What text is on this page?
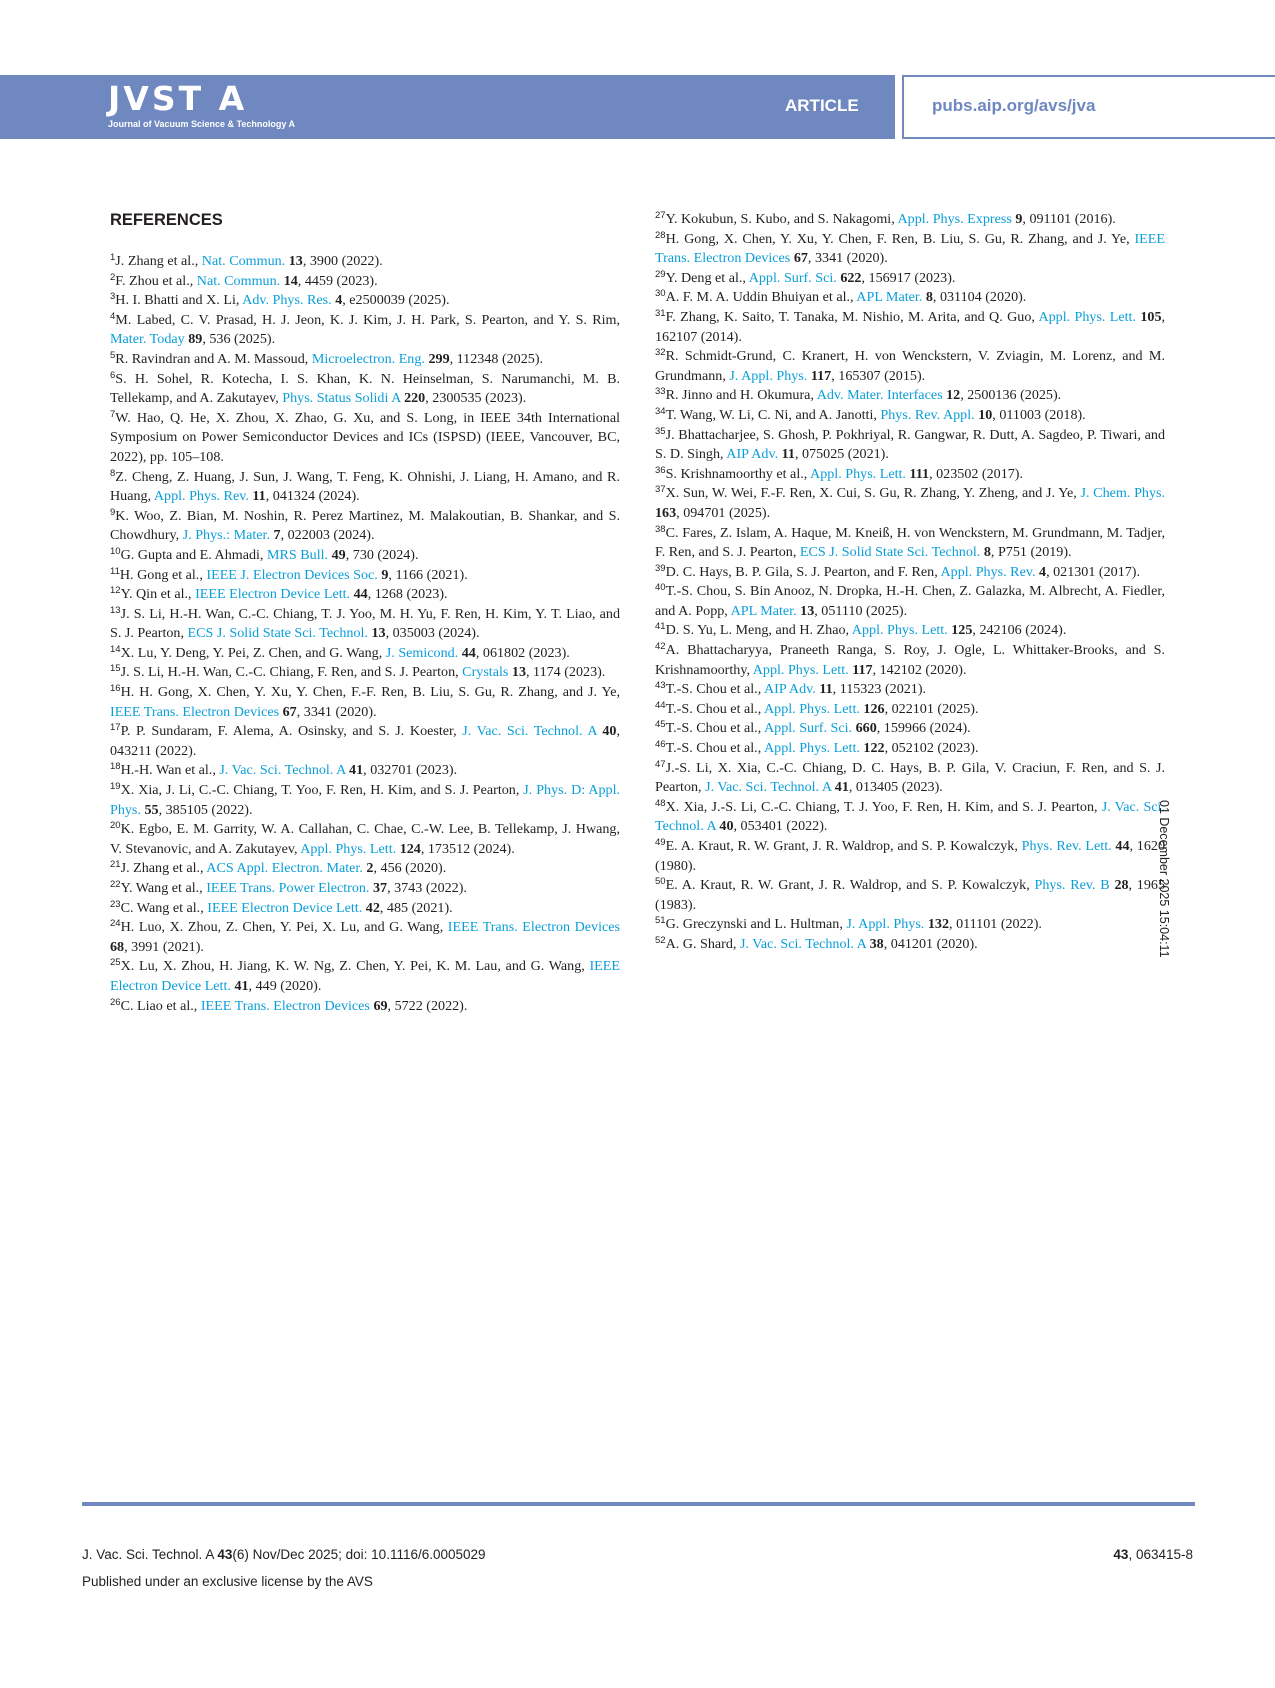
JVST A
Journal of Vacuum Science & Technology A
ARTICLE	pubs.aip.org/avs/jva
REFERENCES

$^1$J. Zhang et al., Nat. Commun. 13, 3900 (2022).

$^2$F. Zhou et al., Nat. Commun. 14, 4459 (2023).

$^3$H. I. Bhatti and X. Li, Adv. Phys. Res. 4, e2500039 (2025).

$^4$M. Labed, C. V. Prasad, H. J. Jeon, K. J. Kim, J. H. Park, S. Pearton, and Y. S. Rim, Mater. Today 89, 536 (2025).

$^5$R. Ravindran and A. M. Massoud, Microelectron. Eng. 299, 112348 (2025).

$^6$S. H. Sohel, R. Kotecha, I. S. Khan, K. N. Heinselman, S. Narumanchi, M. B. Tellekamp, and A. Zakutayev, Phys. Status Solidi A 220, 2300535 (2023).

$^7$W. Hao, Q. He, X. Zhou, X. Zhao, G. Xu, and S. Long, in IEEE 34th International Symposium on Power Semiconductor Devices and ICs (ISPSD) (IEEE, Vancouver, BC, 2022), pp. 105–108.

$^8$Z. Cheng, Z. Huang, J. Sun, J. Wang, T. Feng, K. Ohnishi, J. Liang, H. Amano, and R. Huang, Appl. Phys. Rev. 11, 041324 (2024).

$^9$K. Woo, Z. Bian, M. Noshin, R. Perez Martinez, M. Malakoutian, B. Shankar, and S. Chowdhury, J. Phys.: Mater. 7, 022003 (2024).

$^{10}$G. Gupta and E. Ahmadi, MRS Bull. 49, 730 (2024).

$^{11}$H. Gong et al., IEEE J. Electron Devices Soc. 9, 1166 (2021).

$^{12}$Y. Qin et al., IEEE Electron Device Lett. 44, 1268 (2023).

$^{13}$J. S. Li, H.-H. Wan, C.-C. Chiang, T. J. Yoo, M. H. Yu, F. Ren, H. Kim, Y. T. Liao, and S. J. Pearton, ECS J. Solid State Sci. Technol. 13, 035003 (2024).

$^{14}$X. Lu, Y. Deng, Y. Pei, Z. Chen, and G. Wang, J. Semicond. 44, 061802 (2023).

$^{15}$J. S. Li, H.-H. Wan, C.-C. Chiang, F. Ren, and S. J. Pearton, Crystals 13, 1174 (2023).

$^{16}$H. H. Gong, X. Chen, Y. Xu, Y. Chen, F.-F. Ren, B. Liu, S. Gu, R. Zhang, and J. Ye, IEEE Trans. Electron Devices 67, 3341 (2020).

$^{17}$P. P. Sundaram, F. Alema, A. Osinsky, and S. J. Koester, J. Vac. Sci. Technol. A 40, 043211 (2022).

$^{18}$H.-H. Wan et al., J. Vac. Sci. Technol. A 41, 032701 (2023).

$^{19}$X. Xia, J. Li, C.-C. Chiang, T. Yoo, F. Ren, H. Kim, and S. J. Pearton, J. Phys. D: Appl. Phys. 55, 385105 (2022).

$^{20}$K. Egbo, E. M. Garrity, W. A. Callahan, C. Chae, C.-W. Lee, B. Tellekamp, J. Hwang, V. Stevanovic, and A. Zakutayev, Appl. Phys. Lett. 124, 173512 (2024).

$^{21}$J. Zhang et al., ACS Appl. Electron. Mater. 2, 456 (2020).

$^{22}$Y. Wang et al., IEEE Trans. Power Electron. 37, 3743 (2022).

$^{23}$C. Wang et al., IEEE Electron Device Lett. 42, 485 (2021).

$^{24}$H. Luo, X. Zhou, Z. Chen, Y. Pei, X. Lu, and G. Wang, IEEE Trans. Electron Devices 68, 3991 (2021).

$^{25}$X. Lu, X. Zhou, H. Jiang, K. W. Ng, Z. Chen, Y. Pei, K. M. Lau, and G. Wang, IEEE Electron Device Lett. 41, 449 (2020).

$^{26}$C. Liao et al., IEEE Trans. Electron Devices 69, 5722 (2022).

$^{27}$Y. Kokubun, S. Kubo, and S. Nakagomi, Appl. Phys. Express 9, 091101 (2016).

$^{28}$H. Gong, X. Chen, Y. Xu, Y. Chen, F. Ren, B. Liu, S. Gu, R. Zhang, and J. Ye, IEEE Trans. Electron Devices 67, 3341 (2020).

$^{29}$Y. Deng et al., Appl. Surf. Sci. 622, 156917 (2023).

$^{30}$A. F. M. A. Uddin Bhuiyan et al., APL Mater. 8, 031104 (2020).

$^{31}$F. Zhang, K. Saito, T. Tanaka, M. Nishio, M. Arita, and Q. Guo, Appl. Phys. Lett. 105, 162107 (2014).

$^{32}$R. Schmidt-Grund, C. Kranert, H. von Wenckstern, V. Zviagin, M. Lorenz, and M. Grundmann, J. Appl. Phys. 117, 165307 (2015).

$^{33}$R. Jinno and H. Okumura, Adv. Mater. Interfaces 12, 2500136 (2025).

$^{34}$T. Wang, W. Li, C. Ni, and A. Janotti, Phys. Rev. Appl. 10, 011003 (2018).

$^{35}$J. Bhattacharjee, S. Ghosh, P. Pokhriyal, R. Gangwar, R. Dutt, A. Sagdeo, P. Tiwari, and S. D. Singh, AIP Adv. 11, 075025 (2021).

$^{36}$S. Krishnamoorthy et al., Appl. Phys. Lett. 111, 023502 (2017).

$^{37}$X. Sun, W. Wei, F.-F. Ren, X. Cui, S. Gu, R. Zhang, Y. Zheng, and J. Ye, J. Chem. Phys. 163, 094701 (2025).

$^{38}$C. Fares, Z. Islam, A. Haque, M. Kneiß, H. von Wenckstern, M. Grundmann, M. Tadjer, F. Ren, and S. J. Pearton, ECS J. Solid State Sci. Technol. 8, P751 (2019).

$^{39}$D. C. Hays, B. P. Gila, S. J. Pearton, and F. Ren, Appl. Phys. Rev. 4, 021301 (2017).

$^{40}$T.-S. Chou, S. Bin Anooz, N. Dropka, H.-H. Chen, Z. Galazka, M. Albrecht, A. Fiedler, and A. Popp, APL Mater. 13, 051110 (2025).

$^{41}$D. S. Yu, L. Meng, and H. Zhao, Appl. Phys. Lett. 125, 242106 (2024).

$^{42}$A. Bhattacharyya, Praneeth Ranga, S. Roy, J. Ogle, L. Whittaker-Brooks, and S. Krishnamoorthy, Appl. Phys. Lett. 117, 142102 (2020).

$^{43}$T.-S. Chou et al., AIP Adv. 11, 115323 (2021).

$^{44}$T.-S. Chou et al., Appl. Phys. Lett. 126, 022101 (2025).

$^{45}$T.-S. Chou et al., Appl. Surf. Sci. 660, 159966 (2024).

$^{46}$T.-S. Chou et al., Appl. Phys. Lett. 122, 052102 (2023).

$^{47}$J.-S. Li, X. Xia, C.-C. Chiang, D. C. Hays, B. P. Gila, V. Craciun, F. Ren, and S. J. Pearton, J. Vac. Sci. Technol. A 41, 013405 (2023).

$^{48}$X. Xia, J.-S. Li, C.-C. Chiang, T. J. Yoo, F. Ren, H. Kim, and S. J. Pearton, J. Vac. Sci. Technol. A 40, 053401 (2022).

$^{49}$E. A. Kraut, R. W. Grant, J. R. Waldrop, and S. P. Kowalczyk, Phys. Rev. Lett. 44, 1620 (1980).

$^{50}$E. A. Kraut, R. W. Grant, J. R. Waldrop, and S. P. Kowalczyk, Phys. Rev. B 28, 1965 (1983).

$^{51}$G. Greczynski and L. Hultman, J. Appl. Phys. 132, 011101 (2022).

$^{52}$A. G. Shard, J. Vac. Sci. Technol. A 38, 041201 (2020).	01 December 2025 15:04:11
J. Vac. Sci. Technol. A 43(6) Nov/Dec 2025; doi: 10.1116/6.0005029
Published under an exclusive license by the AVS
43, 063415-8
